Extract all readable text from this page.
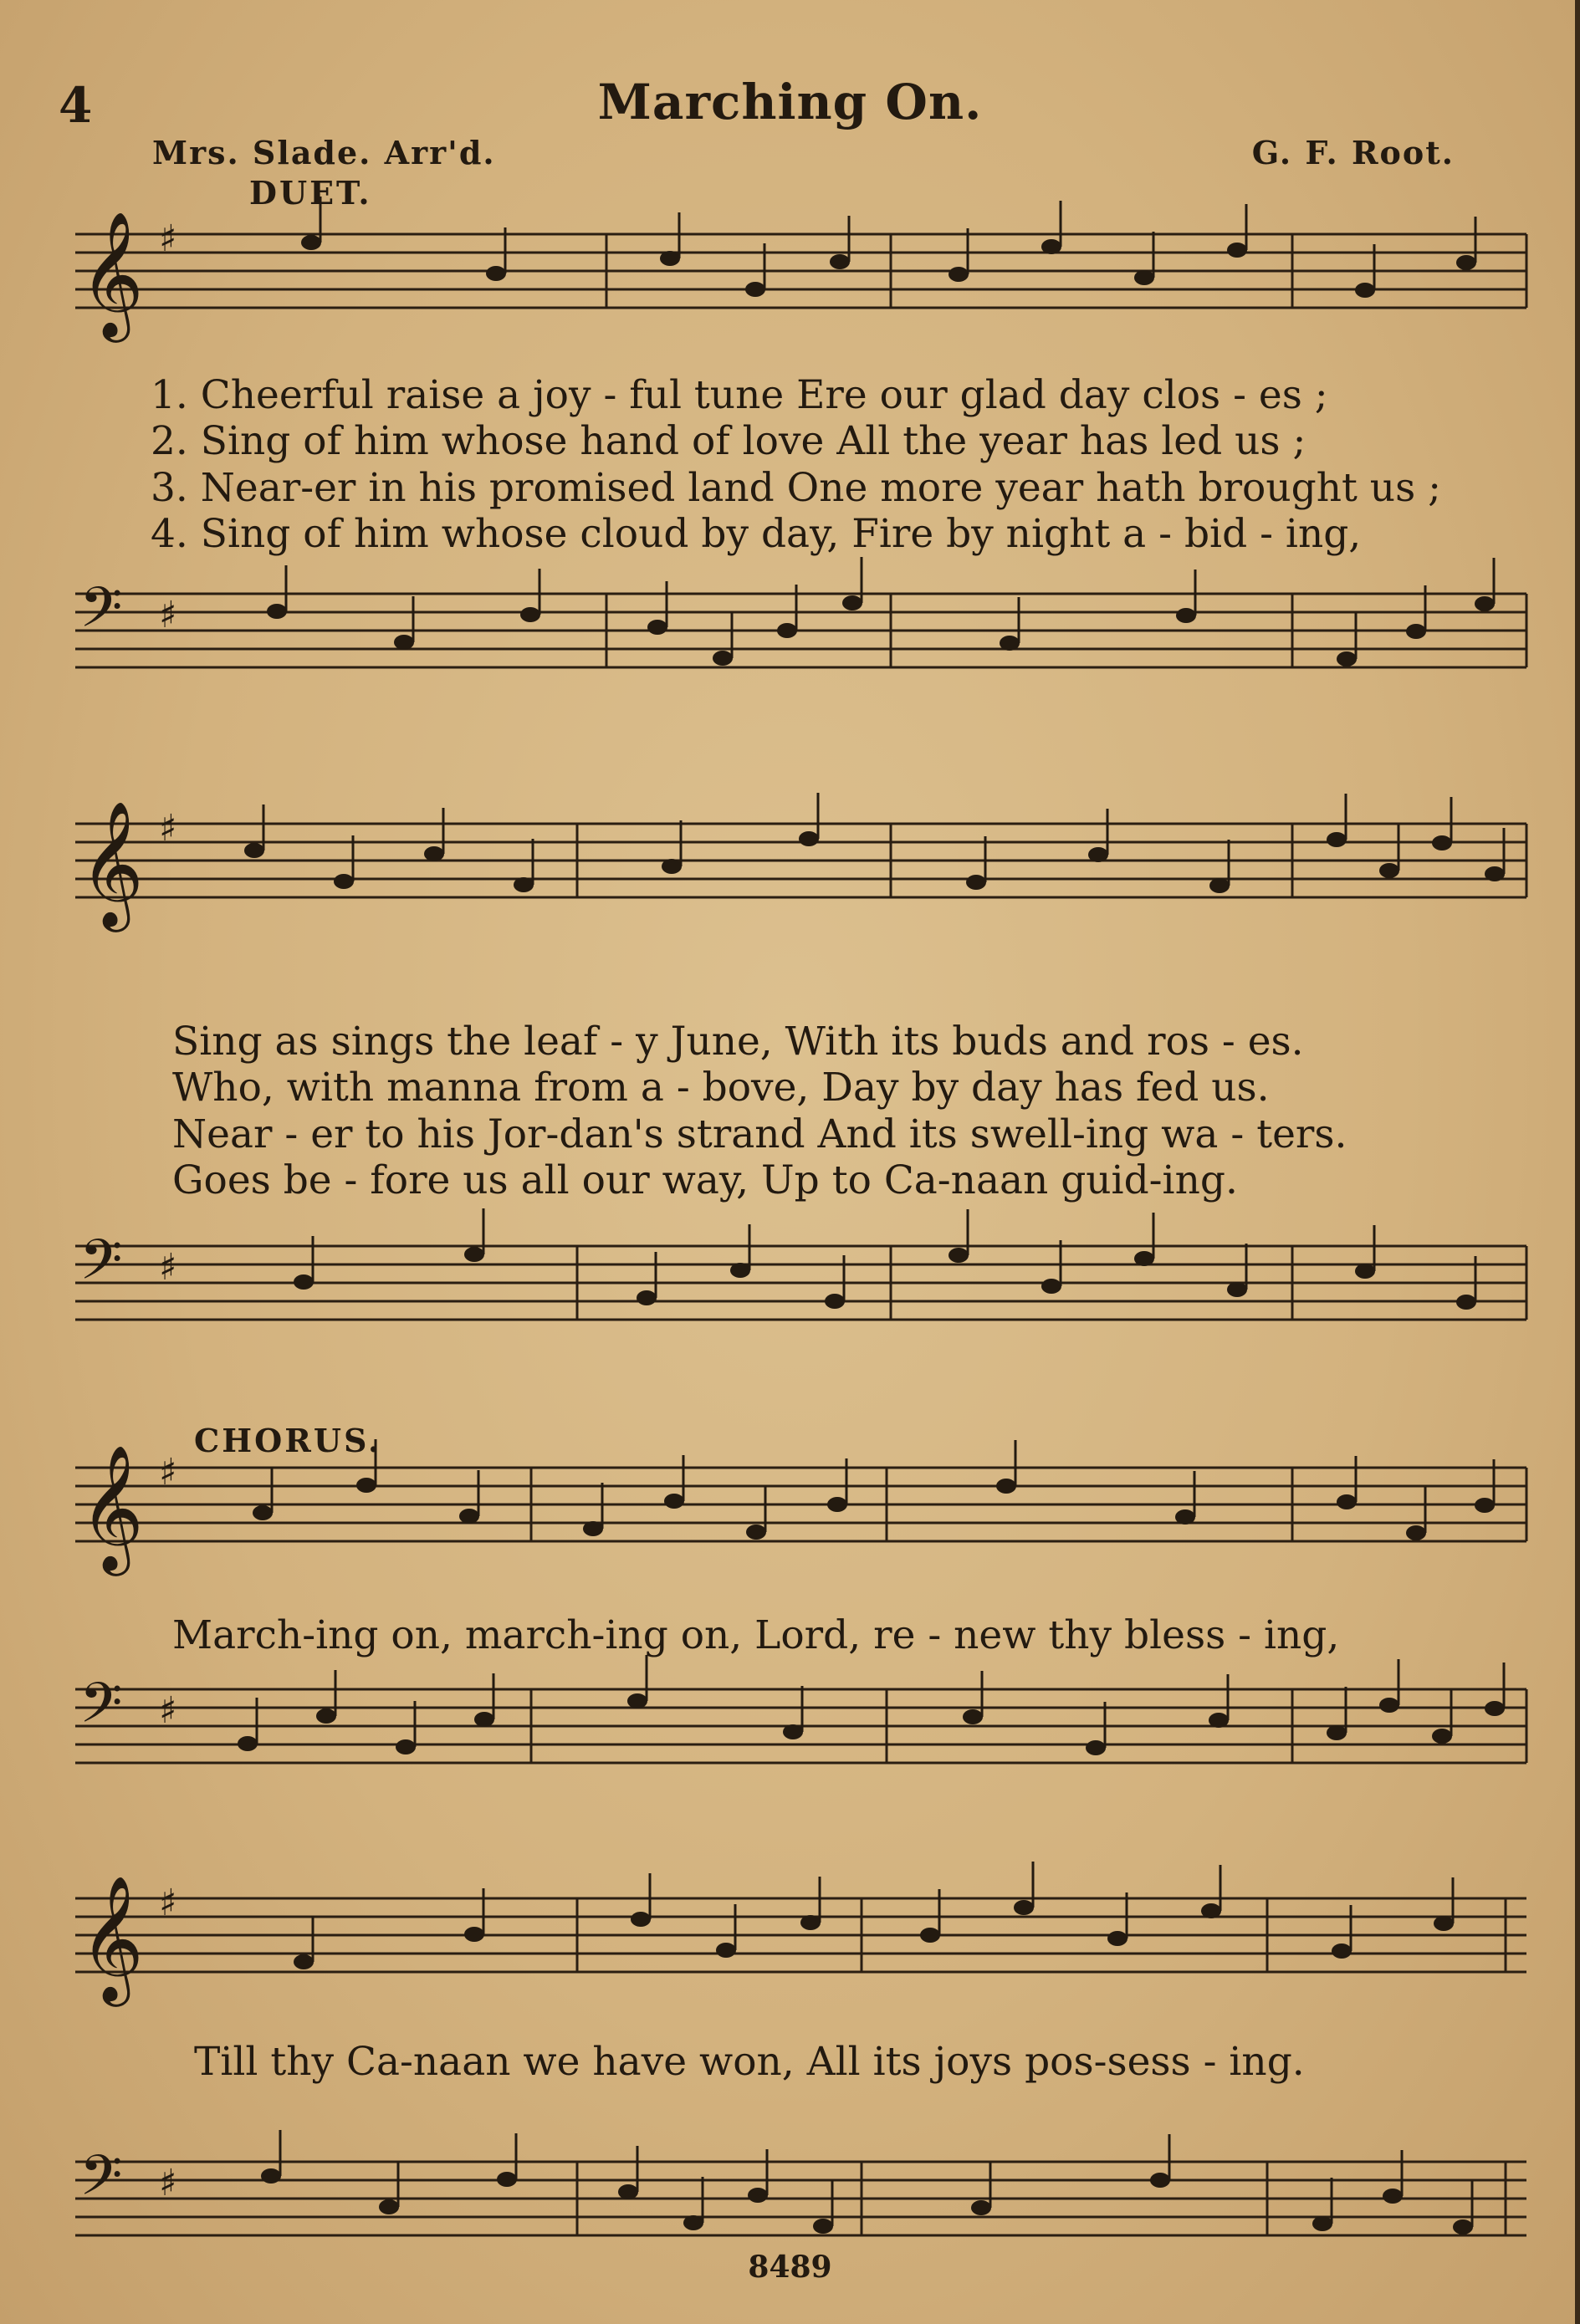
4	Marching On.
Mrs. Slade. Arr'd.	G. F. Root.
DUET.
𝄞 ♯
𝄢 ♯
1. Cheerful raise a joy - ful tune Ere our glad day clos - es ;
2. Sing of him whose hand of love All the year has led us ;
3. Near-er in his promised land One more year hath brought us ;
4. Sing of him whose cloud by day, Fire by night a - bid - ing,
𝄞 ♯
𝄢 ♯
Sing as sings the leaf - y June, With its buds and ros - es.
Who, with manna from a - bove, Day by day has fed us.
Near - er to his Jor-dan's strand And its swell-ing wa - ters.
Goes be - fore us all our way, Up to Ca-naan guid-ing.
CHORUS.
𝄞 ♯
𝄢 ♯
March-ing on, march-ing on, Lord, re - new thy bless - ing,
𝄞 ♯
𝄢 ♯
Till thy Ca-naan we have won, All its joys pos-sess - ing.
8489
